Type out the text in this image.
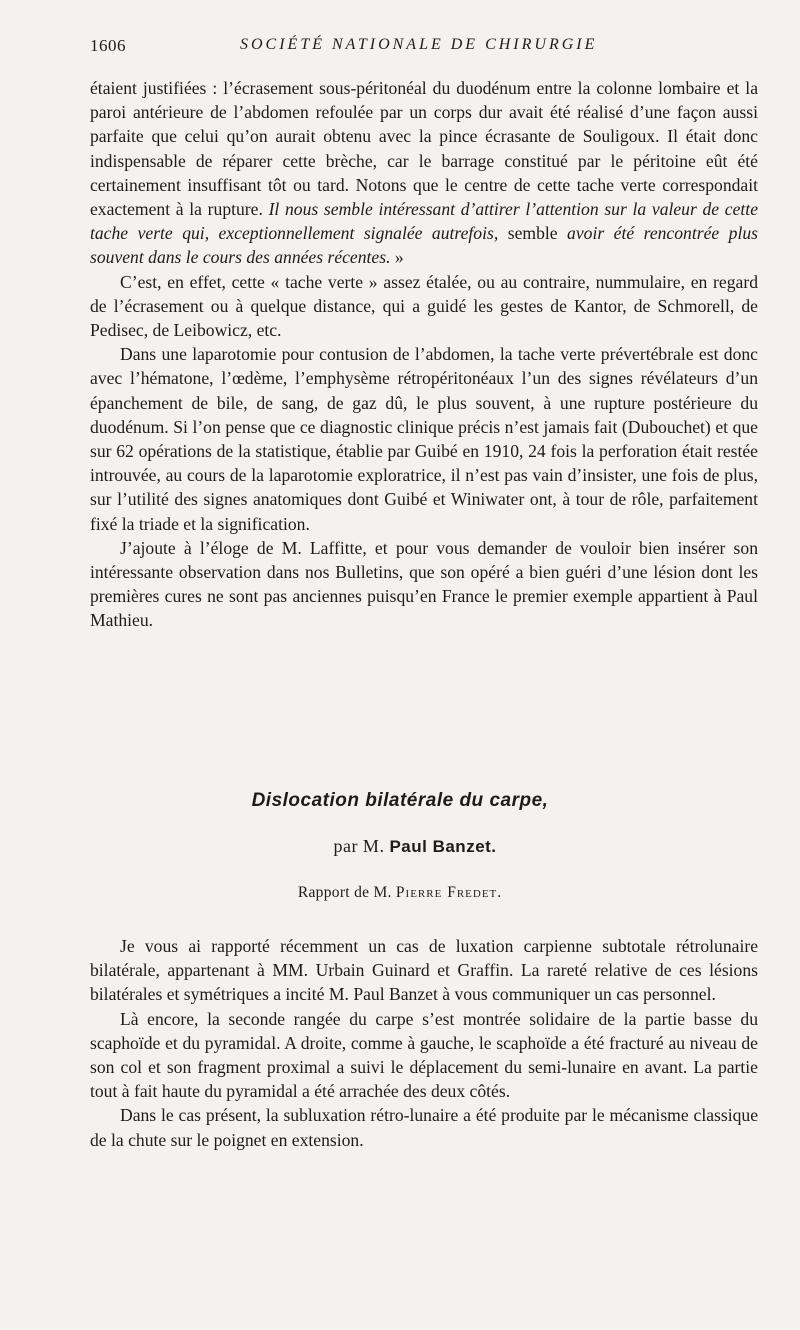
1606	SOCIÉTÉ NATIONALE DE CHIRURGIE

étaient justifiées : l’écrasement sous-péritonéal du duodénum entre la colonne lombaire et la paroi antérieure de l’abdomen refoulée par un corps dur avait été réalisé d’une façon aussi parfaite que celui qu’on aurait obtenu avec la pince écrasante de Souligoux. Il était donc indispensable de réparer cette brèche, car le barrage constitué par le péritoine eût été certainement insuffisant tôt ou tard. Notons que le centre de cette tache verte correspondait exactement à la rupture. Il nous semble intéressant d’attirer l’attention sur la valeur de cette tache verte qui, exceptionnellement signalée autrefois, semble avoir été rencontrée plus souvent dans le cours des années récentes. »

C’est, en effet, cette « tache verte » assez étalée, ou au contraire, nummulaire, en regard de l’écrasement ou à quelque distance, qui a guidé les gestes de Kantor, de Schmorell, de Pedisec, de Leibowicz, etc.

Dans une laparotomie pour contusion de l’abdomen, la tache verte prévertébrale est donc avec l’hématone, l’œdème, l’emphysème rétropéritonéaux l’un des signes révélateurs d’un épanchement de bile, de sang, de gaz dû, le plus souvent, à une rupture postérieure du duodénum. Si l’on pense que ce diagnostic clinique précis n’est jamais fait (Dubouchet) et que sur 62 opérations de la statistique, établie par Guibé en 1910, 24 fois la perforation était restée introuvée, au cours de la laparotomie exploratrice, il n’est pas vain d’insister, une fois de plus, sur l’utilité des signes anatomiques dont Guibé et Winiwater ont, à tour de rôle, parfaitement fixé la triade et la signification.

J’ajoute à l’éloge de M. Laffitte, et pour vous demander de vouloir bien insérer son intéressante observation dans nos Bulletins, que son opéré a bien guéri d’une lésion dont les premières cures ne sont pas anciennes puisqu’en France le premier exemple appartient à Paul Mathieu.

Dislocation bilatérale du carpe,
par M. Paul Banzet.
Rapport de M. Pierre Fredet.

Je vous ai rapporté récemment un cas de luxation carpienne subtotale rétrolunaire bilatérale, appartenant à MM. Urbain Guinard et Graffin. La rareté relative de ces lésions bilatérales et symétriques a incité M. Paul Banzet à vous communiquer un cas personnel.

Là encore, la seconde rangée du carpe s’est montrée solidaire de la partie basse du scaphoïde et du pyramidal. A droite, comme à gauche, le scaphoïde a été fracturé au niveau de son col et son fragment proximal a suivi le déplacement du semi-lunaire en avant. La partie tout à fait haute du pyramidal a été arrachée des deux côtés.

Dans le cas présent, la subluxation rétro-lunaire a été produite par le mécanisme classique de la chute sur le poignet en extension.
